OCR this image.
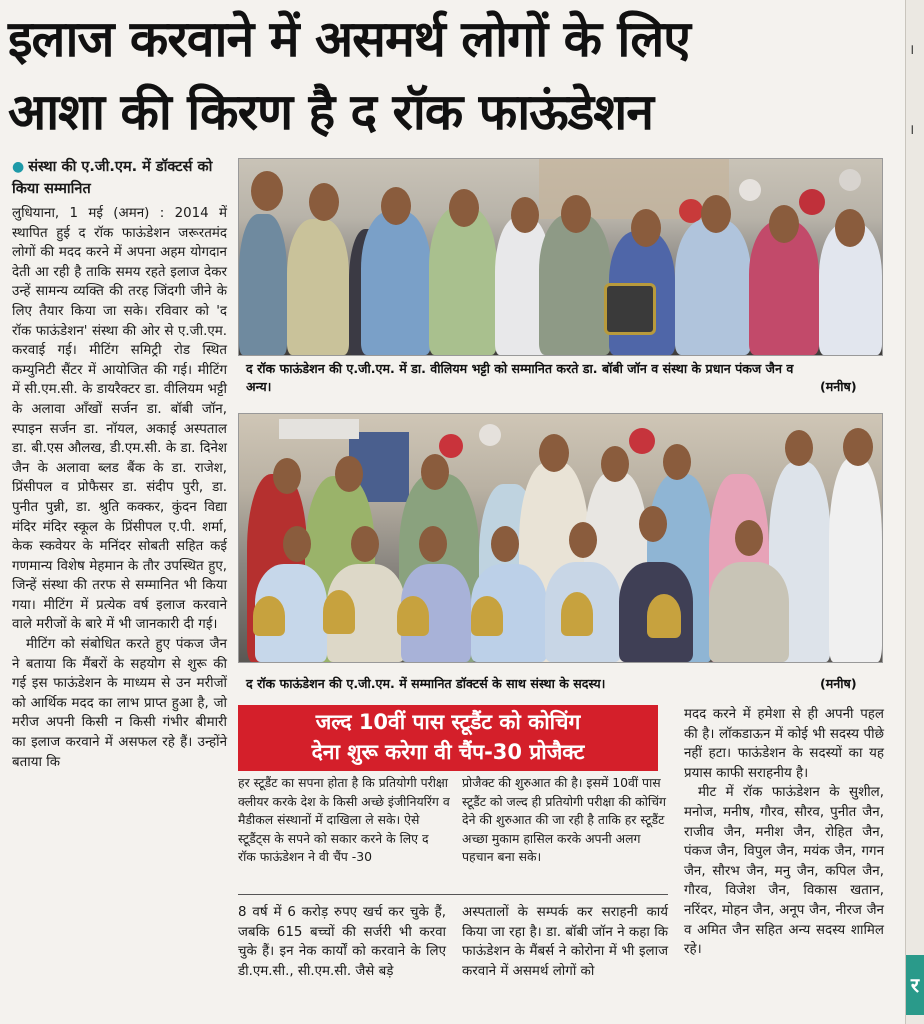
।
।
र
इलाज करवाने में असमर्थ लोगों के लिए
आशा की किरण है द रॉक फाऊंडेशन
● संस्था की ए.जी.एम. में डॉक्टर्स को किया सम्मानित

लुधियाना, 1 मई (अमन) : 2014 में स्थापित हुई द रॉक फाऊंडेशन जरूरतमंद लोगों की मदद करने में अपना अहम योगदान देती आ रही है ताकि समय रहते इलाज देकर उन्हें सामन्य व्यक्ति की तरह जिंदगी जीने के लिए तैयार किया जा सके। रविवार को 'द रॉक फाऊंडेशन' संस्था की ओर से ए.जी.एम. करवाई गई। मीटिंग समिट्री रोड स्थित कम्युनिटी सैंटर में आयोजित की गई। मीटिंग में सी.एम.सी. के डायरैक्टर डा. वीलियम भट्टी के अलावा आँखों सर्जन डा. बॉबी जॉन, स्पाइन सर्जन डा. नॉयल, अकाई अस्पताल डा. बी.एस औलख, डी.एम.सी. के डा. दिनेश जैन के अलावा ब्लड बैंक के डा. राजेश, प्रिंसीपल व प्रोफैसर डा. संदीप पुरी, डा. पुनीत पुन्नी, डा. श्रुति कक्कर, कुंदन विद्या मंदिर मंदिर स्कूल के प्रिंसीपल ए.पी. शर्मा, केक स्कवेयर के मनिंदर सोबती सहित कई गणमान्य विशेष मेहमान के तौर उपस्थित हुए, जिन्हें संस्था की तरफ से सम्मानित भी किया गया। मीटिंग में प्रत्येक वर्ष इलाज करवाने वाले मरीजों के बारे में भी जानकारी दी गई।

मीटिंग को संबोधित करते हुए पंकज जैन ने बताया कि मैंबरों के सहयोग से शुरू की गई इस फाऊंडेशन के माध्यम से उन मरीजों को आर्थिक मदद का लाभ प्राप्त हुआ है, जो मरीज अपनी किसी न किसी गंभीर बीमारी का इलाज करवाने में असफल रहे हैं। उन्होंने बताया कि

द रॉक फाऊंडेशन की ए.जी.एम. में डा. वीलियम भट्टी को सम्मानित करते डा. बॉबी जॉन व संस्था के प्रधान पंकज जैन व अन्य।	(मनीष)
द रॉक फाऊंडेशन की ए.जी.एम. में सम्मानित डॉक्टर्स के साथ संस्था के सदस्य।	(मनीष)
जल्द 10वीं पास स्टूडैंट को कोचिंग
देना शुरू करेगा वी चैंप-30 प्रोजैक्ट
हर स्टूडैंट का सपना होता है कि प्रतियोगी परीक्षा क्लीयर करके देश के किसी अच्छे इंजीनियरिंग व मैडीकल संस्थानों में दाखिला ले सके। ऐसे स्टूडैंट्स के सपने को सकार करने के लिए द रॉक फाऊंडेशन ने वी चैंप -30
प्रोजैक्ट की शुरुआत की है। इसमें 10वीं पास स्टूडैंट को जल्द ही प्रतियोगी परीक्षा की कोचिंग देने की शुरुआत की जा रही है ताकि हर स्टूडैंट अच्छा मुकाम हासिल करके अपनी अलग पहचान बना सके।
8 वर्ष में 6 करोड़ रुपए खर्च कर चुके हैं, जबकि 615 बच्चों की सर्जरी भी करवा चुके हैं। इन नेक कार्यों को करवाने के लिए डी.एम.सी., सी.एम.सी. जैसे बड़े
अस्पतालों के सम्पर्क कर सराहनी कार्य किया जा रहा है। डा. बॉबी जॉन ने कहा कि फाऊंडेशन के मैंबर्स ने कोरोना में भी इलाज करवाने में असमर्थ लोगों को

मदद करने में हमेशा से ही अपनी पहल की है। लॉकडाऊन में कोई भी सदस्य पीछे नहीं हटा। फाऊंडेशन के सदस्यों का यह प्रयास काफी सराहनीय है।

मीट में रॉक फाऊंडेशन के सुशील, मनोज, मनीष, गौरव, सौरव, पुनीत जैन, राजीव जैन, मनीश जैन, रोहित जैन, पंकज जैन, विपुल जैन, मयंक जैन, गगन जैन, सौरभ जैन, मनु जैन, कपिल जैन, गौरव, विजेश जैन, विकास खतान, नरिंदर, मोहन जैन, अनूप जैन, नीरज जैन व अमित जैन सहित अन्य सदस्य शामिल रहे।
